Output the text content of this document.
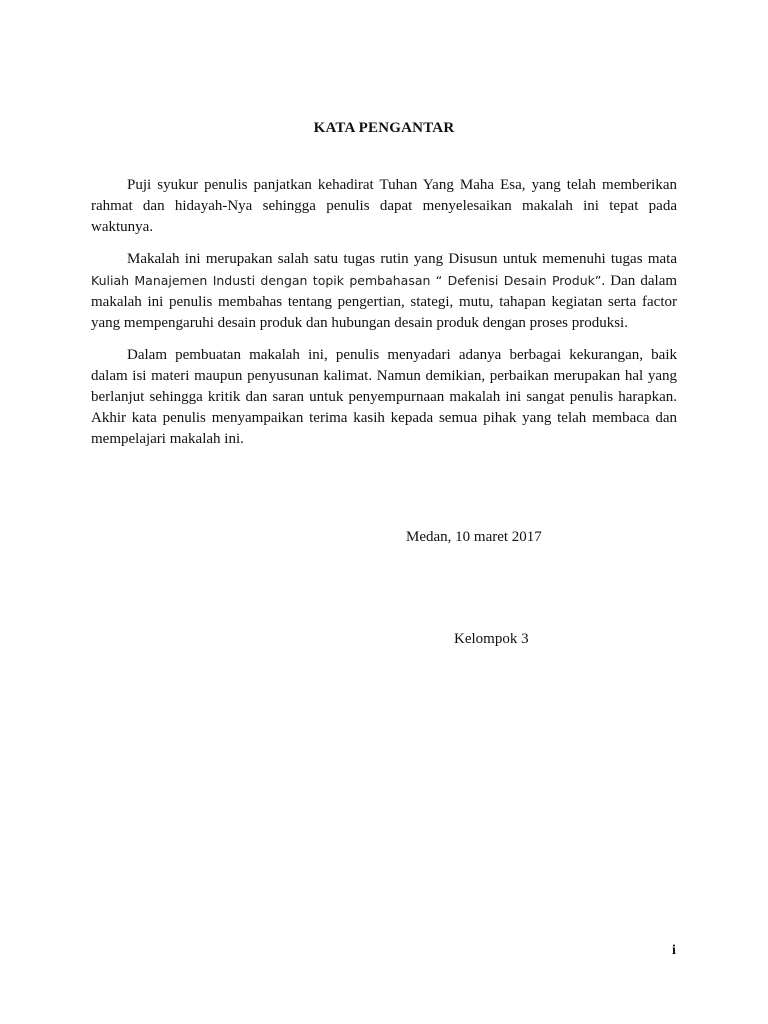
KATA PENGANTAR

Puji syukur penulis panjatkan kehadirat Tuhan Yang Maha Esa, yang telah memberikan rahmat dan hidayah-Nya sehingga penulis dapat menyelesaikan makalah ini tepat pada waktunya.

Makalah ini merupakan salah satu tugas rutin yang Disusun untuk memenuhi tugas mata Kuliah Manajemen Industi dengan topik pembahasan “ Defenisi Desain Produk”. Dan dalam makalah ini penulis membahas tentang pengertian, stategi, mutu, tahapan kegiatan serta factor yang mempengaruhi desain produk dan hubungan desain produk dengan proses produksi.

Dalam pembuatan makalah ini, penulis menyadari adanya berbagai kekurangan, baik dalam isi materi maupun penyusunan kalimat. Namun demikian, perbaikan merupakan hal yang berlanjut sehingga kritik dan saran untuk penyempurnaan makalah ini sangat penulis harapkan. Akhir kata penulis menyampaikan terima kasih kepada semua pihak yang telah membaca dan mempelajari makalah ini.

Medan, 10 maret 2017
Kelompok 3
i
